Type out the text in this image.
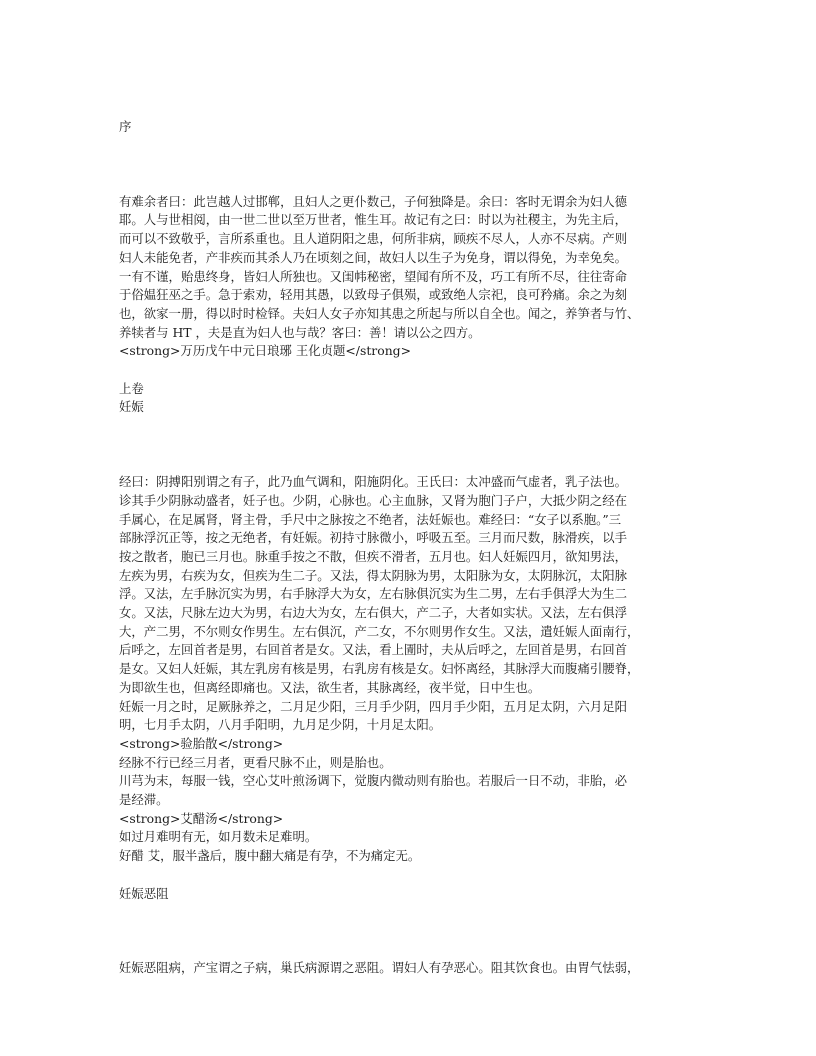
序
有难余者曰：此岂越人过邯郸，且妇人之更仆数己，子何独降是。余曰：客时无谓余为妇人德
耶。人与世相阅，由一世二世以至万世者，惟生耳。故记有之曰：时以为社稷主，为先主后，
而可以不致敬乎，言所系重也。且人道阴阳之患，何所非病，顾疾不尽人，人亦不尽病。产则
妇人未能免者，产非疾而其杀人乃在顷刻之间，故妇人以生子为免身，谓以得免，为幸免矣。
一有不谨，贻患终身，皆妇人所独也。又闺帏秘密，望闻有所不及，巧工有所不尽，往往寄命
于俗媪狂巫之手。急于索劝，轻用其愚，以致母子俱殒，或致绝人宗祀，良可矜痛。余之为刻
也，欲家一册，得以时时检铎。夫妇人女子亦知其患之所起与所以自全也。闻之，养笋者与竹、
养犊者与 HT ，夫是直为妇人也与哉？客曰：善！请以公之四方。
<strong>万历戊午中元日琅琊 王化贞题</strong>
上卷
妊娠
经曰：阴搏阳别谓之有子，此乃血气调和，阳施阴化。王氏曰：太冲盛而气虚者，乳子法也。
诊其手少阴脉动盛者，妊子也。少阴，心脉也。心主血脉，又肾为胞门子户，大抵少阴之经在
手属心，在足属肾，肾主骨，手尺中之脉按之不绝者，法妊娠也。难经曰：“女子以系胞。”三
部脉浮沉正等，按之无绝者，有妊娠。初持寸脉微小，呼吸五至。三月而尺数，脉滑疾，以手
按之散者，胞已三月也。脉重手按之不散，但疾不滑者，五月也。妇人妊娠四月，欲知男法，
左疾为男，右疾为女，但疾为生二子。又法，得太阴脉为男，太阳脉为女，太阴脉沉，太阳脉
浮。又法，左手脉沉实为男，右手脉浮大为女，左右脉俱沉实为生二男，左右手俱浮大为生二
女。又法，尺脉左边大为男，右边大为女，左右俱大，产二子，大者如实状。又法，左右俱浮
大，产二男，不尔则女作男生。左右俱沉，产二女，不尔则男作女生。又法，遣妊娠人面南行，
后呼之，左回首者是男，右回首者是女。又法，看上圊时，夫从后呼之，左回首是男，右回首
是女。又妇人妊娠，其左乳房有核是男，右乳房有核是女。妇怀离经，其脉浮大而腹痛引腰脊，
为即欲生也，但离经即痛也。又法，欲生者，其脉离经，夜半觉，日中生也。
妊娠一月之时，足厥脉养之，二月足少阳，三月手少阴，四月手少阳，五月足太阴，六月足阳
明，七月手太阴，八月手阳明，九月足少阴，十月足太阳。
<strong>验胎散</strong>
经脉不行已经三月者，更看尺脉不止，则是胎也。
川芎为末，每服一钱，空心艾叶煎汤调下，觉腹内微动则有胎也。若服后一日不动，非胎，必
是经滞。
<strong>艾醋汤</strong>
如过月难明有无，如月数未足难明。
好醋 艾，服半盏后，腹中翻大痛是有孕，不为痛定无。
妊娠恶阻
妊娠恶阻病，产宝谓之子病，巢氏病源谓之恶阻。谓妇人有孕恶心。阻其饮食也。由胃气怯弱，
